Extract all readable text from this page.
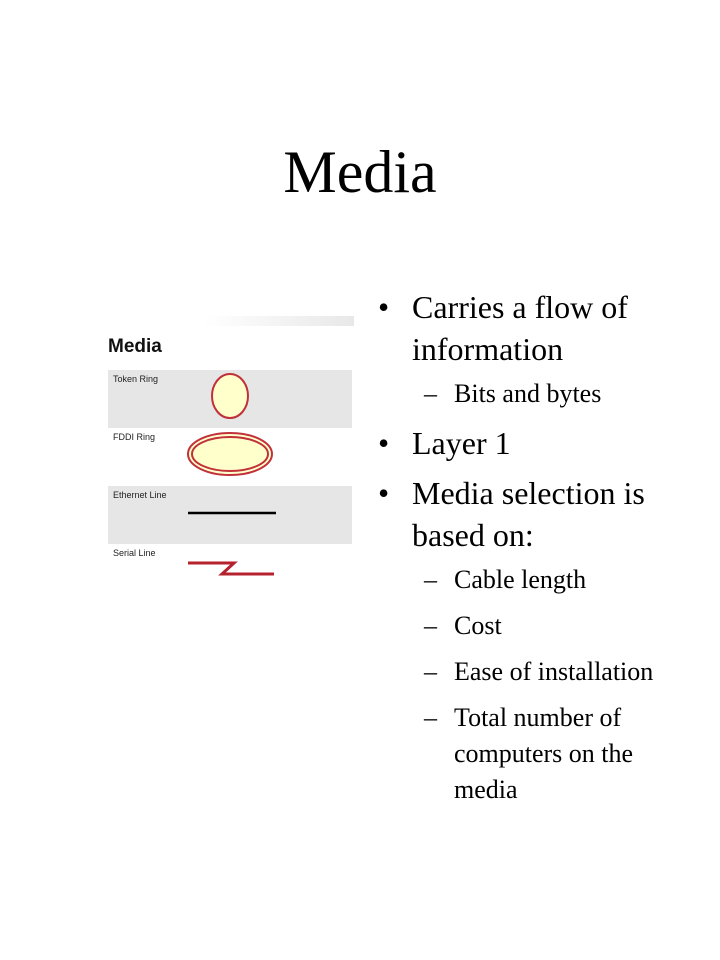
Media
Media
Token Ring
FDDI Ring
Ethernet Line
Serial Line
• Carries a flow of information
– Bits and bytes
• Layer 1
• Media selection is based on:
– Cable length
– Cost
– Ease of installation
– Total number of computers on the media
